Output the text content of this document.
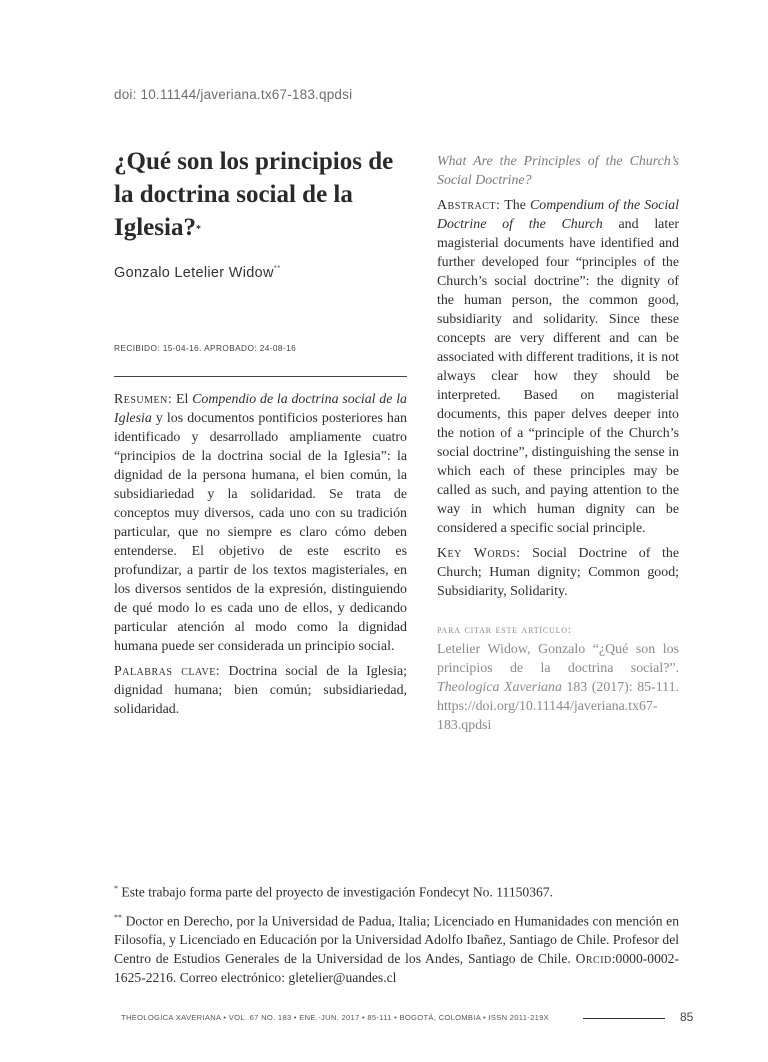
doi: 10.11144/javeriana.tx67-183.qpdsi
¿Qué son los principios de la doctrina social de la Iglesia?*
Gonzalo Letelier Widow**
RECIBIDO: 15-04-16. APROBADO: 24-08-16

Resumen: El Compendio de la doctrina social de la Iglesia y los documentos pontificios posteriores han identificado y desarrollado ampliamente cuatro “principios de la doctrina social de la Iglesia”: la dignidad de la persona humana, el bien común, la subsidiariedad y la solidaridad. Se trata de conceptos muy diversos, cada uno con su tradición particular, que no siempre es claro cómo deben entenderse. El objetivo de este escrito es profundizar, a partir de los textos magisteriales, en los diversos sentidos de la expresión, distinguiendo de qué modo lo es cada uno de ellos, y dedicando particular atención al modo como la dignidad humana puede ser considerada un principio social.

Palabras clave: Doctrina social de la Iglesia; dignidad humana; bien común; subsidiariedad, solidaridad.

What Are the Principles of the Church’s Social Doctrine?

Abstract: The Compendium of the Social Doctrine of the Church and later magisterial documents have identified and further developed four “principles of the Church’s social doctrine”: the dignity of the human person, the common good, subsidiarity and solidarity. Since these concepts are very different and can be associated with different traditions, it is not always clear how they should be interpreted. Based on magisterial documents, this paper delves deeper into the notion of a “principle of the Church’s social doctrine”, distinguishing the sense in which each of these principles may be called as such, and paying attention to the way in which human dignity can be considered a specific social principle.

Key Words: Social Doctrine of the Church; Human dignity; Common good; Subsidiarity, Solidarity.

para citar este artículo:

Letelier Widow, Gonzalo “¿Qué son los principios de la doctrina social?”. Theologica Xaveriana 183 (2017): 85-111. https://doi.org/10.11144/javeriana.tx67-183.qpdsi

* Este trabajo forma parte del proyecto de investigación Fondecyt No. 11150367.

** Doctor en Derecho, por la Universidad de Padua, Italia; Licenciado en Humanidades con mención en Filosofía, y Licenciado en Educación por la Universidad Adolfo Ibañez, Santiago de Chile. Profesor del Centro de Estudios Generales de la Universidad de los Andes, Santiago de Chile. Orcid:0000-0002-1625-2216. Correo electrónico: gletelier@uandes.cl

THEOLOGICA XAVERIANA • VOL. 67 NO. 183 • ENE.-JUN. 2017 • 85-111 • BOGOTÁ, COLOMBIA • ISSN 2011-219X	85
